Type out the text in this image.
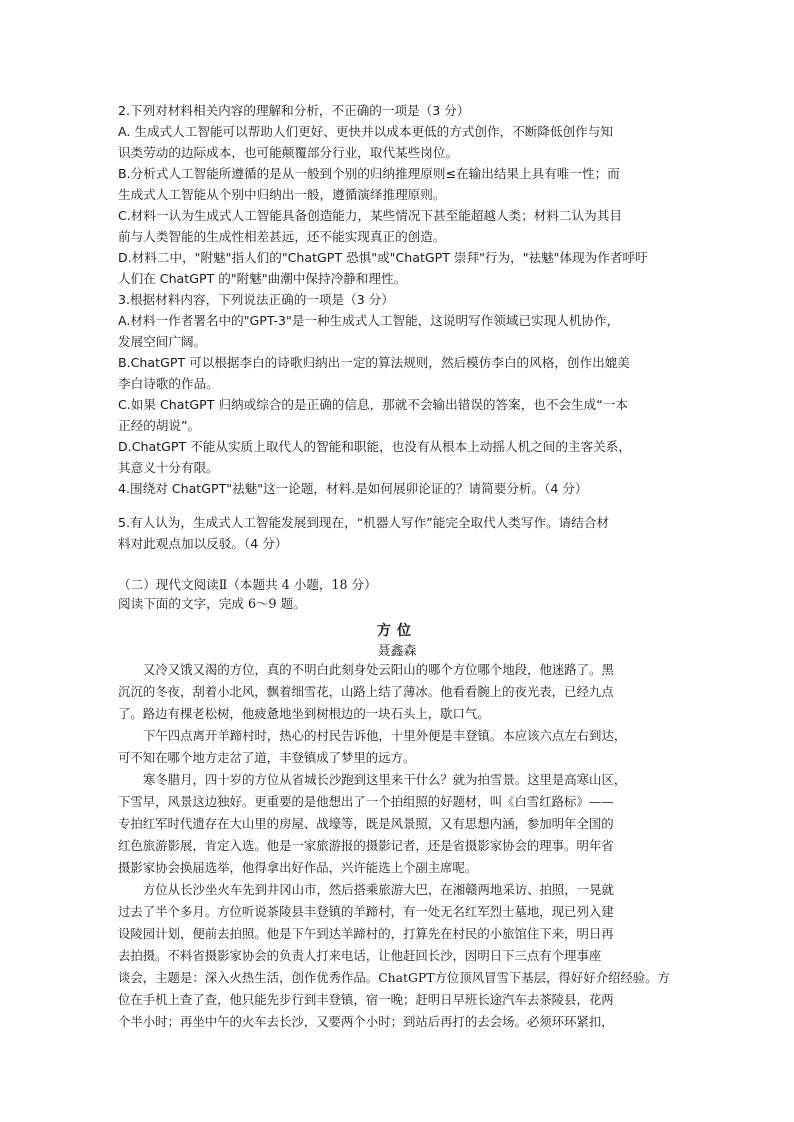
2.下列对材料相关内容的理解和分析，不正确的一项是（3 分）

A. 生成式人工智能可以帮助人们更好、更快并以成本更低的方式创作，不断降低创作与知

识类劳动的边际成本，也可能颠覆部分行业，取代某些岗位。

B.分析式人工智能所遵循的是从一般到个别的归纳推理原则≤在输出结果上具有唯一性；而

生成式人工智能从个别中归纳出一般，遵循演绎推理原则。

C.材料一认为生成式人工智能具备创造能力，某些情况下甚至能超越人类；材料二认为其目

前与人类智能的生成性相差甚远，还不能实现真正的创造。

D.材料二中，"附魅"指人们的"ChatGPT 恐惧"或"ChatGPT 崇拜"行为，"祛魅"体现为作者呼吁

人们在 ChatGPT 的"附魅"曲潮中保持冷静和理性。

3.根据材料内容，下列说法正确的一项是（3 分）

A.材料一作者署名中的"GPT-3"是一种生成式人工智能，这说明写作领域已实现人机协作，

发展空间广阔。

B.ChatGPT 可以根据李白的诗歌归纳出一定的算法规则，然后模仿李白的风格，创作出媲美

李白诗歌的作品。

C.如果 ChatGPT 归纳或综合的是正确的信息，那就不会输出错误的答案，也不会生成“一本

正经的胡说”。

D.ChatGPT 不能从实质上取代人的智能和职能，也没有从根本上动摇人机之间的主客关系，

其意义十分有限。

4.围绕对 ChatGPT"祛魅"这一论题，材料.是如何展卯论证的？请简要分析。（4 分）

5.有人认为，生成式人工智能发展到现在，“机器人写作”能完全取代人类写作。请结合材

料对此观点加以反驳。（4 分）

（二）现代文阅读Ⅱ（本题共 4 小题，18 分）

阅读下面的文字，完成 6～9 题。

方位
聂鑫森
又冷又饿又渴的方位，真的不明白此刻身处云阳山的哪个方位哪个地段，他迷路了。黑
沉沉的冬夜，刮着小北风，飘着细雪花，山路上结了薄冰。他看看腕上的夜光表，已经九点
了。路边有棵老松树，他疲惫地坐到树根边的一块石头上，歇口气。
下午四点离开羊蹄村时，热心的村民告诉他，十里外便是丰登镇。本应该六点左右到达，
可不知在哪个地方走岔了道，丰登镇成了梦里的远方。
寒冬腊月，四十岁的方位从省城长沙跑到这里来干什么？就为拍雪景。这里是高寒山区，
下雪早，风景这边独好。更重要的是他想出了一个拍组照的好题材，叫《白雪红路标》——
专拍红军时代遗存在大山里的房屋、战壕等，既是风景照，又有思想内涵，参加明年全国的
红色旅游影展，肯定入选。他是一家旅游报的摄影记者，还是省摄影家协会的理事。明年省
摄影家协会换届选举，他得拿出好作品，兴许能选上个副主席呢。
方位从长沙坐火车先到井冈山市，然后搭乘旅游大巴，在湘赣两地采访、拍照，一晃就
过去了半个多月。方位听说茶陵县丰登镇的羊蹄村，有一处无名红军烈士墓地，现已列入建
设陵园计划，便前去拍照。他是下午到达羊蹄村的，打算先在村民的小旅馆住下来，明日再
去拍摄。不料省摄影家协会的负责人打来电话，让他赶回长沙，因明日下三点有个理事座
谈会，主题是：深入火热生活，创作优秀作品。ChatGPT方位顶风冒雪下基层，得好好介绍经验。方
位在手机上查了查，他只能先步行到丰登镇，宿一晚；赶明日早班长途汽车去茶陵县，花两
个半小时；再坐中午的火车去长沙，又要两个小时；到站后再打的去会场。必须环环紧扣，
